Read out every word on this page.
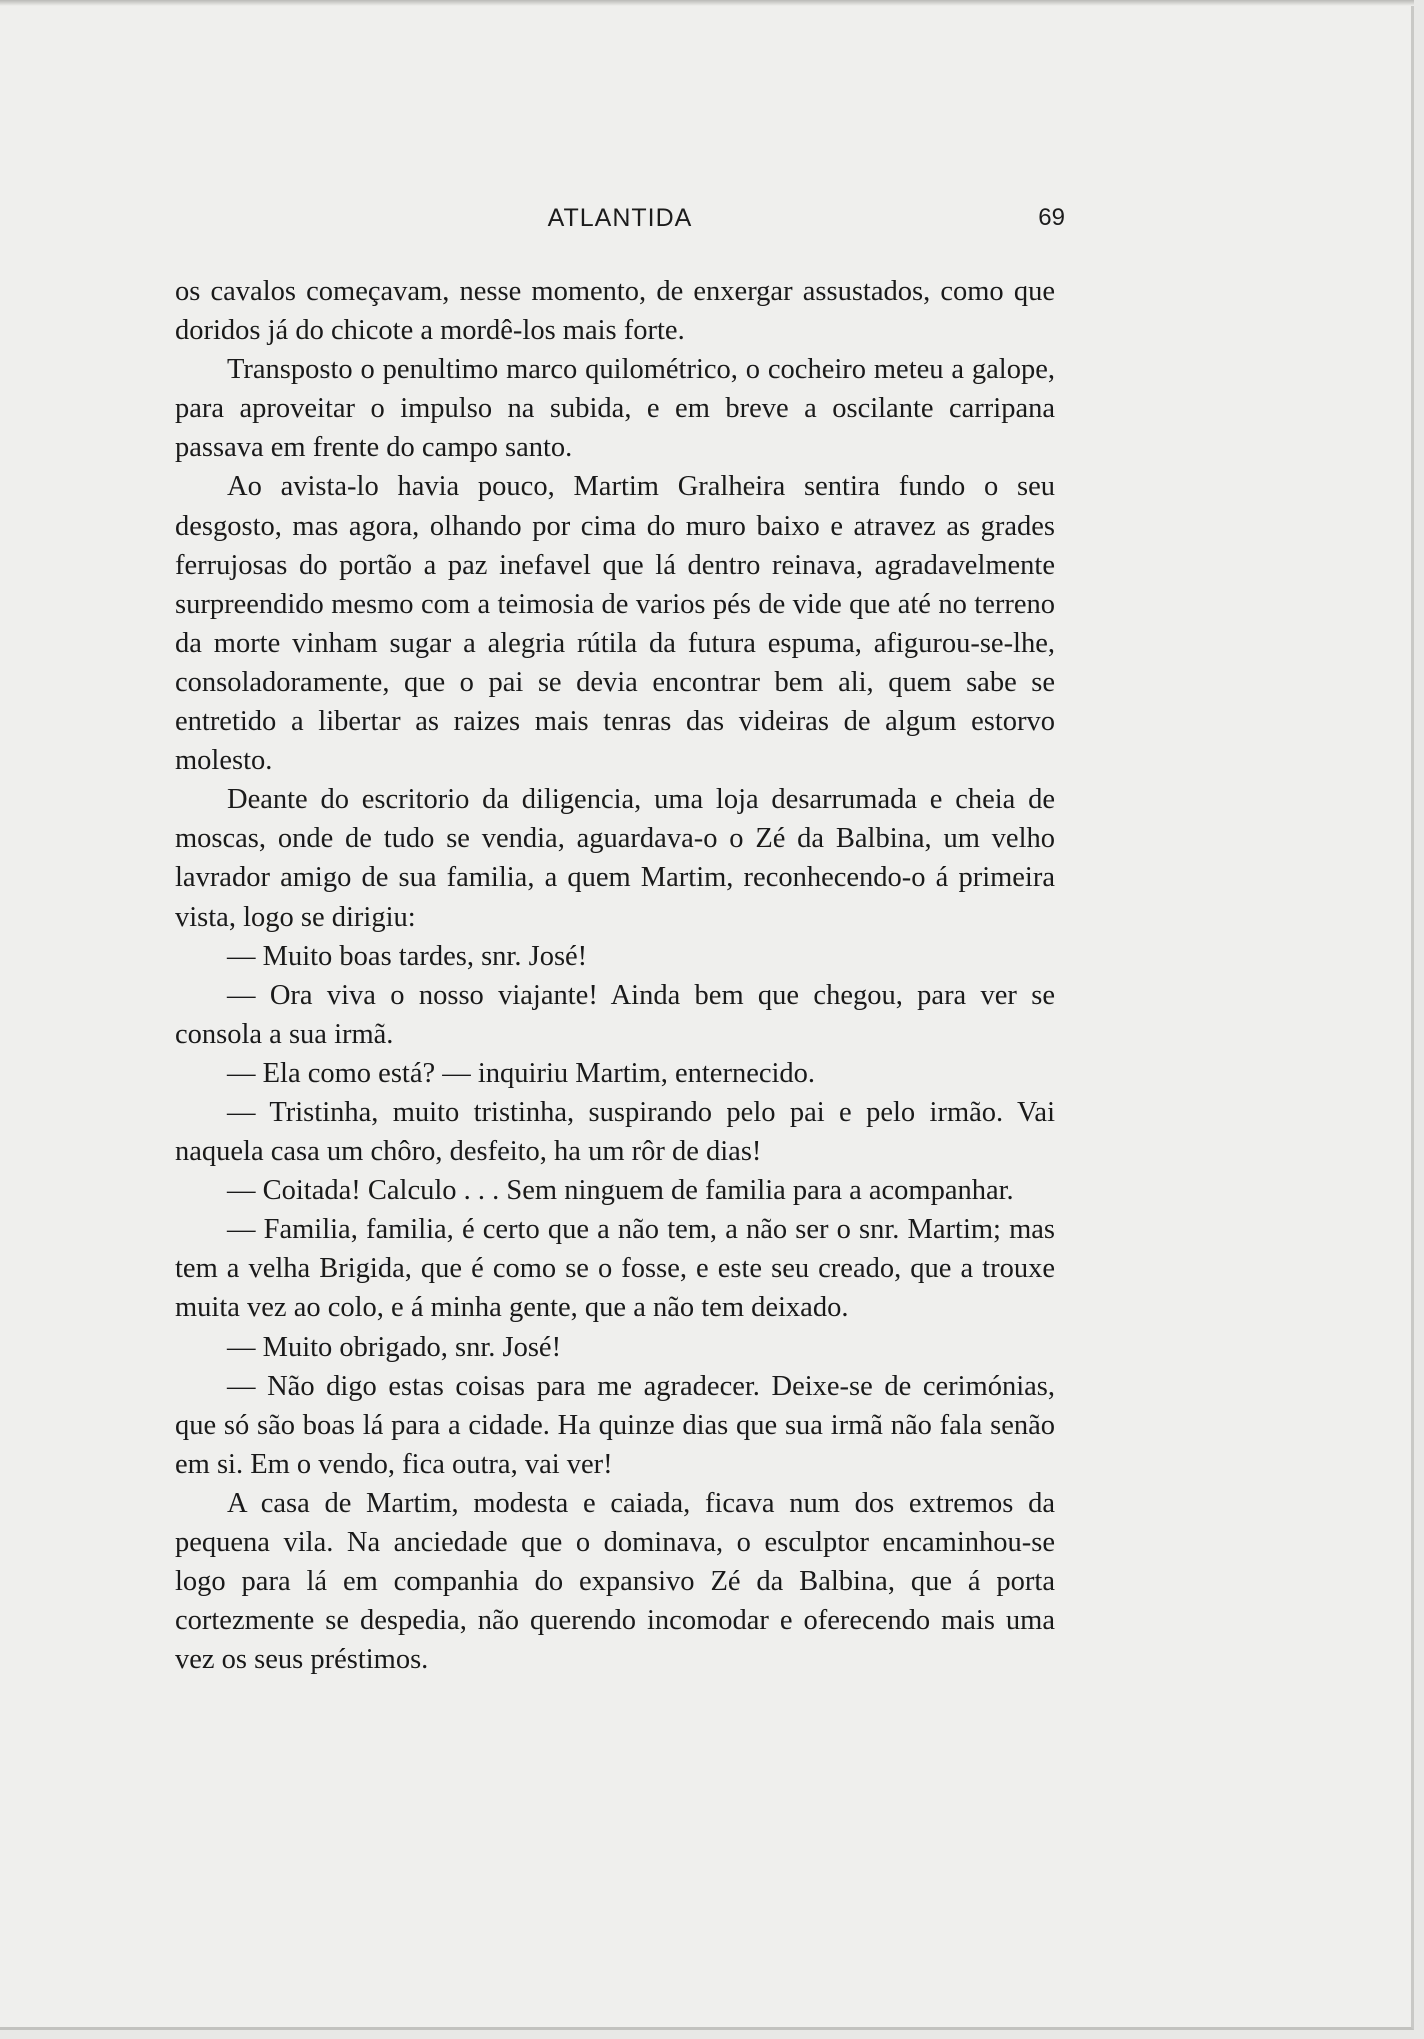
ATLANTIDA	69

os cavalos começavam, nesse momento, de enxergar assustados, como que doridos já do chicote a mordê-los mais forte.

Transposto o penultimo marco quilométrico, o cocheiro meteu a galope, para aproveitar o impulso na subida, e em breve a oscilante carripana passava em frente do campo santo.

Ao avista-lo havia pouco, Martim Gralheira sentira fundo o seu desgosto, mas agora, olhando por cima do muro baixo e atravez as grades ferrujosas do portão a paz inefavel que lá dentro reinava, agradavelmente surpreendido mesmo com a teimosia de varios pés de vide que até no terreno da morte vinham sugar a alegria rútila da futura espuma, afigurou-se-lhe, consoladoramente, que o pai se devia encontrar bem ali, quem sabe se entretido a libertar as raizes mais tenras das videiras de algum estorvo molesto.

Deante do escritorio da diligencia, uma loja desarrumada e cheia de moscas, onde de tudo se vendia, aguardava-o o Zé da Balbina, um velho lavrador amigo de sua familia, a quem Martim, reconhecendo-o á primeira vista, logo se dirigiu:

— Muito boas tardes, snr. José!

— Ora viva o nosso viajante! Ainda bem que chegou, para ver se consola a sua irmã.

— Ela como está? — inquiriu Martim, enternecido.

— Tristinha, muito tristinha, suspirando pelo pai e pelo irmão. Vai naquela casa um chôro, desfeito, ha um rôr de dias!

— Coitada! Calculo . . . Sem ninguem de familia para a acompanhar.

— Familia, familia, é certo que a não tem, a não ser o snr. Martim; mas tem a velha Brigida, que é como se o fosse, e este seu creado, que a trouxe muita vez ao colo, e á minha gente, que a não tem deixado.

— Muito obrigado, snr. José!

— Não digo estas coisas para me agradecer. Deixe-se de cerimónias, que só são boas lá para a cidade. Ha quinze dias que sua irmã não fala senão em si. Em o vendo, fica outra, vai ver!

A casa de Martim, modesta e caiada, ficava num dos extremos da pequena vila. Na anciedade que o dominava, o esculptor encaminhou-se logo para lá em companhia do expansivo Zé da Balbina, que á porta cortezmente se despedia, não querendo incomodar e oferecendo mais uma vez os seus préstimos.
